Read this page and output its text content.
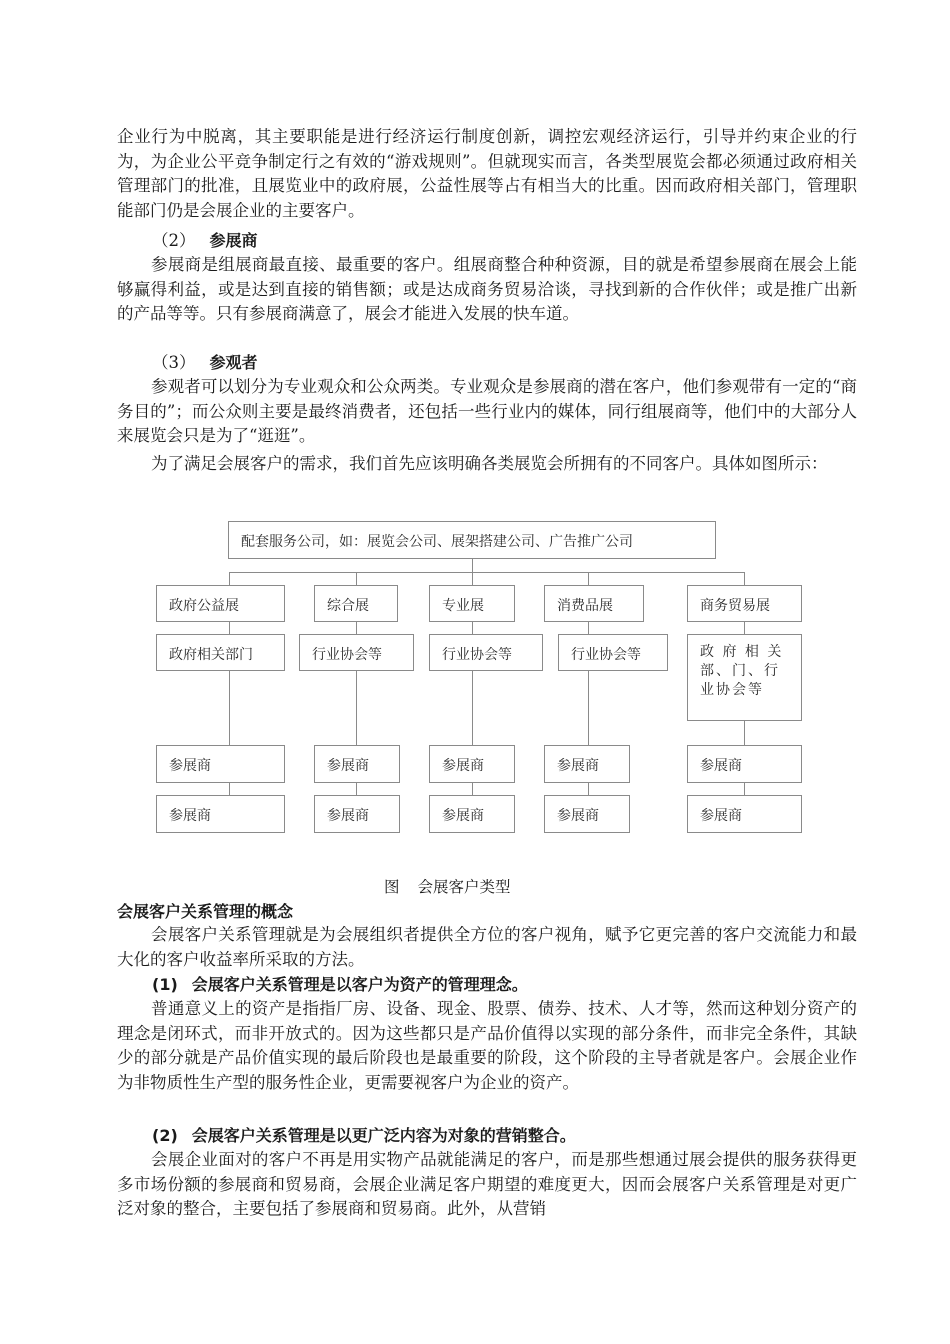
企业行为中脱离，其主要职能是进行经济运行制度创新，调控宏观经济运行，引导并约束企业的行为，为企业公平竞争制定行之有效的“游戏规则”。但就现实而言，各类型展览会都必须通过政府相关管理部门的批准，且展览业中的政府展，公益性展等占有相当大的比重。因而政府相关部门，管理职能部门仍是会展企业的主要客户。

（2） 参展商

参展商是组展商最直接、最重要的客户。组展商整合种种资源，目的就是希望参展商在展会上能够赢得利益，或是达到直接的销售额；或是达成商务贸易洽谈，寻找到新的合作伙伴；或是推广出新的产品等等。只有参展商满意了，展会才能进入发展的快车道。

（3） 参观者

参观者可以划分为专业观众和公众两类。专业观众是参展商的潜在客户，他们参观带有一定的“商务目的”；而公众则主要是最终消费者，还包括一些行业内的媒体，同行组展商等，他们中的大部分人来展览会只是为了“逛逛”。

为了满足会展客户的需求，我们首先应该明确各类展览会所拥有的不同客户。具体如图所示：

配套服务公司，如：展览会公司、展架搭建公司、广告推广公司
政府公益展	综合展	专业展	消费品展	商务贸易展
政府相关部门	行业协会等	行业协会等	行业协会等	政 府 相 关 部、门、行 业协会等
参展商	参展商	参展商	参展商	参展商
参展商	参展商	参展商	参展商	参展商
图 会展客户类型
会展客户关系管理的概念

会展客户关系管理就是为会展组织者提供全方位的客户视角，赋予它更完善的客户交流能力和最大化的客户收益率所采取的方法。

(1) 会展客户关系管理是以客户为资产的管理理念。

普通意义上的资产是指指厂房、设备、现金、股票、债券、技术、人才等，然而这种划分资产的理念是闭环式，而非开放式的。因为这些都只是产品价值得以实现的部分条件，而非完全条件，其缺少的部分就是产品价值实现的最后阶段也是最重要的阶段，这个阶段的主导者就是客户。会展企业作为非物质性生产型的服务性企业，更需要视客户为企业的资产。

(2) 会展客户关系管理是以更广泛内容为对象的营销整合。

会展企业面对的客户不再是用实物产品就能满足的客户，而是那些想通过展会提供的服务获得更多市场份额的参展商和贸易商，会展企业满足客户期望的难度更大，因而会展客户关系管理是对更广泛对象的整合，主要包括了参展商和贸易商。此外，从营销
